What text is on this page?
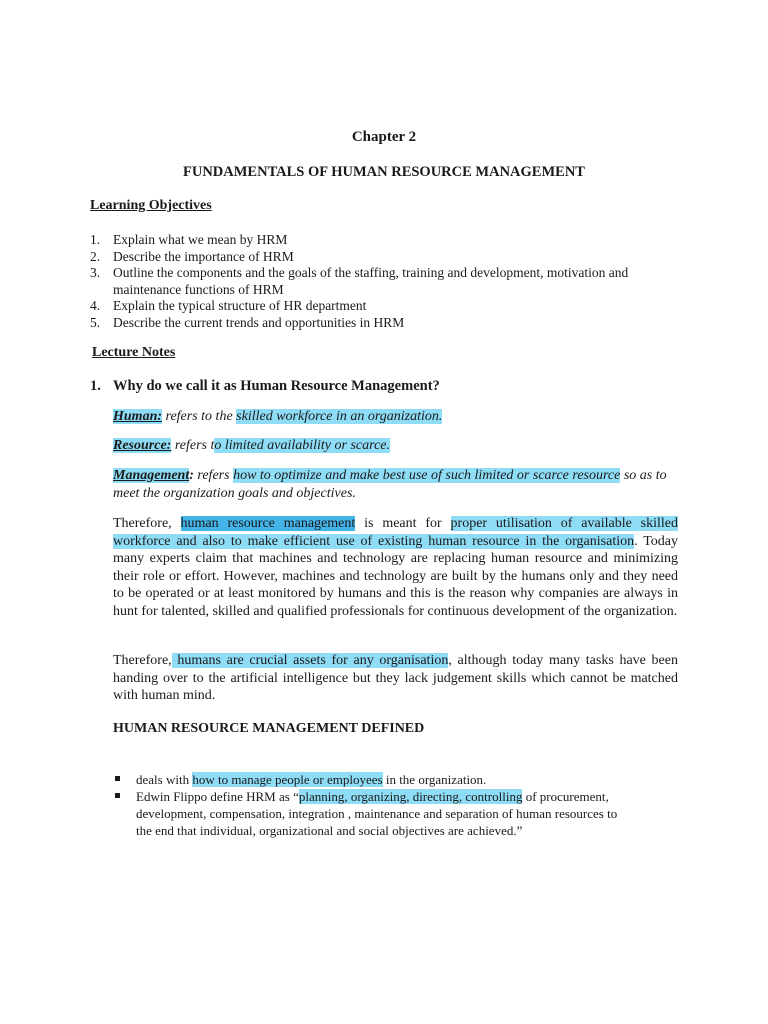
Chapter 2
FUNDAMENTALS OF HUMAN RESOURCE MANAGEMENT
Learning Objectives
1. Explain what we mean by HRM
2. Describe the importance of HRM
3. Outline the components and the goals of the staffing, training and development, motivation and maintenance functions of HRM
4. Explain the typical structure of HR department
5. Describe the current trends and opportunities in HRM
Lecture Notes
1. Why do we call it as Human Resource Management?
Human: refers to the skilled workforce in an organization.
Resource: refers to limited availability or scarce.
Management: refers how to optimize and make best use of such limited or scarce resource so as to meet the organization goals and objectives.
Therefore, human resource management is meant for proper utilisation of available skilled workforce and also to make efficient use of existing human resource in the organisation. Today many experts claim that machines and technology are replacing human resource and minimizing their role or effort. However, machines and technology are built by the humans only and they need to be operated or at least monitored by humans and this is the reason why companies are always in hunt for talented, skilled and qualified professionals for continuous development of the organization.
Therefore, humans are crucial assets for any organisation, although today many tasks have been handing over to the artificial intelligence but they lack judgement skills which cannot be matched with human mind.
HUMAN RESOURCE MANAGEMENT DEFINED
deals with how to manage people or employees in the organization.
Edwin Flippo define HRM as “planning, organizing, directing, controlling of procurement, development, compensation, integration , maintenance and separation of human resources to the end that individual, organizational and social objectives are achieved.”
